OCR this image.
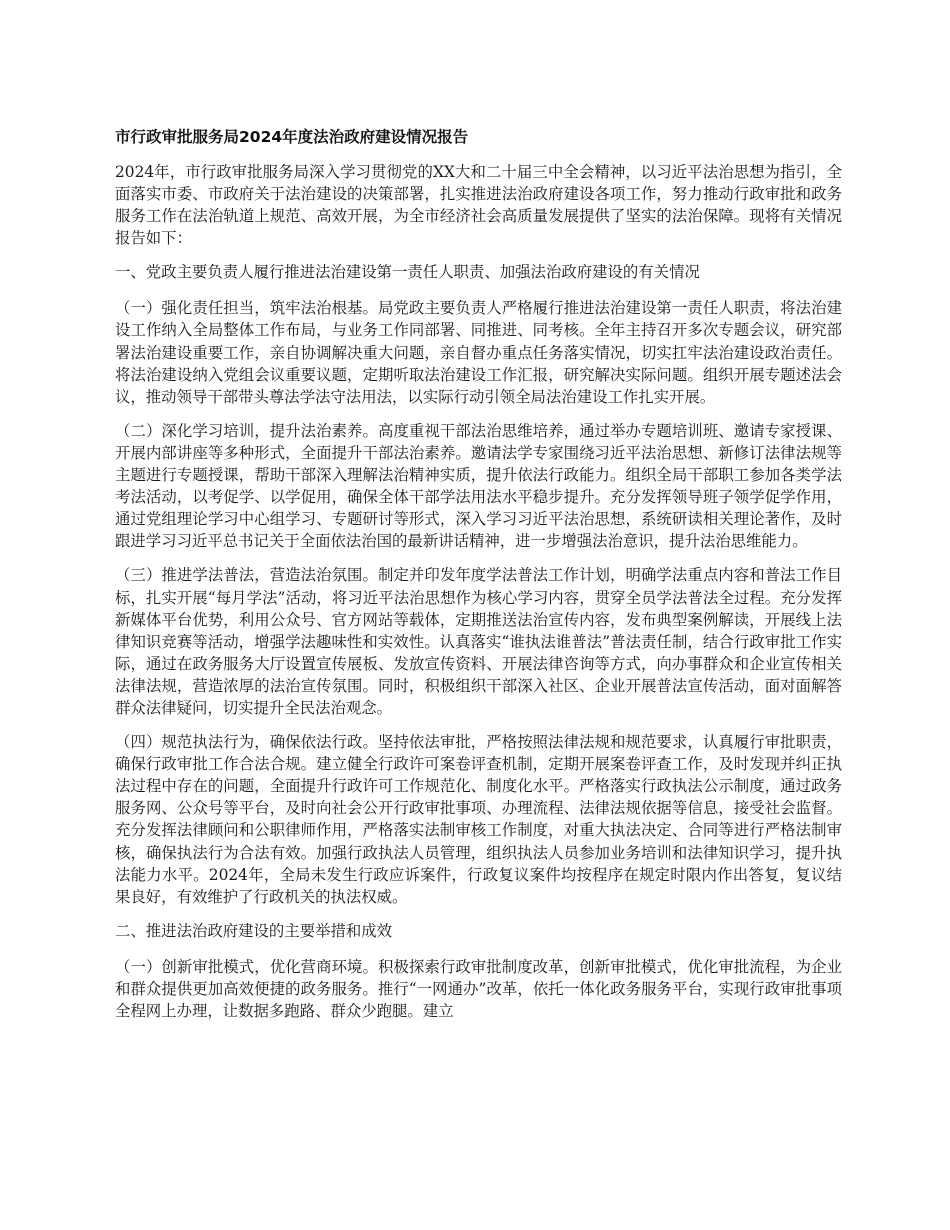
市行政审批服务局2024年度法治政府建设情况报告
2024年，市行政审批服务局深入学习贯彻党的XX大和二十届三中全会精神，以习近平法治思想为指引，全面落实市委、市政府关于法治建设的决策部署，扎实推进法治政府建设各项工作，努力推动行政审批和政务服务工作在法治轨道上规范、高效开展，为全市经济社会高质量发展提供了坚实的法治保障。现将有关情况报告如下：
一、党政主要负责人履行推进法治建设第一责任人职责、加强法治政府建设的有关情况
（一）强化责任担当，筑牢法治根基。局党政主要负责人严格履行推进法治建设第一责任人职责，将法治建设工作纳入全局整体工作布局，与业务工作同部署、同推进、同考核。全年主持召开多次专题会议，研究部署法治建设重要工作，亲自协调解决重大问题，亲自督办重点任务落实情况，切实扛牢法治建设政治责任。将法治建设纳入党组会议重要议题，定期听取法治建设工作汇报，研究解决实际问题。组织开展专题述法会议，推动领导干部带头尊法学法守法用法，以实际行动引领全局法治建设工作扎实开展。
（二）深化学习培训，提升法治素养。高度重视干部法治思维培养，通过举办专题培训班、邀请专家授课、开展内部讲座等多种形式，全面提升干部法治素养。邀请法学专家围绕习近平法治思想、新修订法律法规等主题进行专题授课，帮助干部深入理解法治精神实质，提升依法行政能力。组织全局干部职工参加各类学法考法活动，以考促学、以学促用，确保全体干部学法用法水平稳步提升。充分发挥领导班子领学促学作用，通过党组理论学习中心组学习、专题研讨等形式，深入学习习近平法治思想，系统研读相关理论著作，及时跟进学习习近平总书记关于全面依法治国的最新讲话精神，进一步增强法治意识，提升法治思维能力。
（三）推进学法普法，营造法治氛围。制定并印发年度学法普法工作计划，明确学法重点内容和普法工作目标，扎实开展“每月学法”活动，将习近平法治思想作为核心学习内容，贯穿全员学法普法全过程。充分发挥新媒体平台优势，利用公众号、官方网站等载体，定期推送法治宣传内容，发布典型案例解读，开展线上法律知识竞赛等活动，增强学法趣味性和实效性。认真落实“谁执法谁普法”普法责任制，结合行政审批工作实际，通过在政务服务大厅设置宣传展板、发放宣传资料、开展法律咨询等方式，向办事群众和企业宣传相关法律法规，营造浓厚的法治宣传氛围。同时，积极组织干部深入社区、企业开展普法宣传活动，面对面解答群众法律疑问，切实提升全民法治观念。
（四）规范执法行为，确保依法行政。坚持依法审批，严格按照法律法规和规范要求，认真履行审批职责，确保行政审批工作合法合规。建立健全行政许可案卷评查机制，定期开展案卷评查工作，及时发现并纠正执法过程中存在的问题，全面提升行政许可工作规范化、制度化水平。严格落实行政执法公示制度，通过政务服务网、公众号等平台，及时向社会公开行政审批事项、办理流程、法律法规依据等信息，接受社会监督。充分发挥法律顾问和公职律师作用，严格落实法制审核工作制度，对重大执法决定、合同等进行严格法制审核，确保执法行为合法有效。加强行政执法人员管理，组织执法人员参加业务培训和法律知识学习，提升执法能力水平。2024年，全局未发生行政应诉案件，行政复议案件均按程序在规定时限内作出答复，复议结果良好，有效维护了行政机关的执法权威。
二、推进法治政府建设的主要举措和成效
（一）创新审批模式，优化营商环境。积极探索行政审批制度改革，创新审批模式，优化审批流程，为企业和群众提供更加高效便捷的政务服务。推行“一网通办”改革，依托一体化政务服务平台，实现行政审批事项全程网上办理，让数据多跑路、群众少跑腿。建立
